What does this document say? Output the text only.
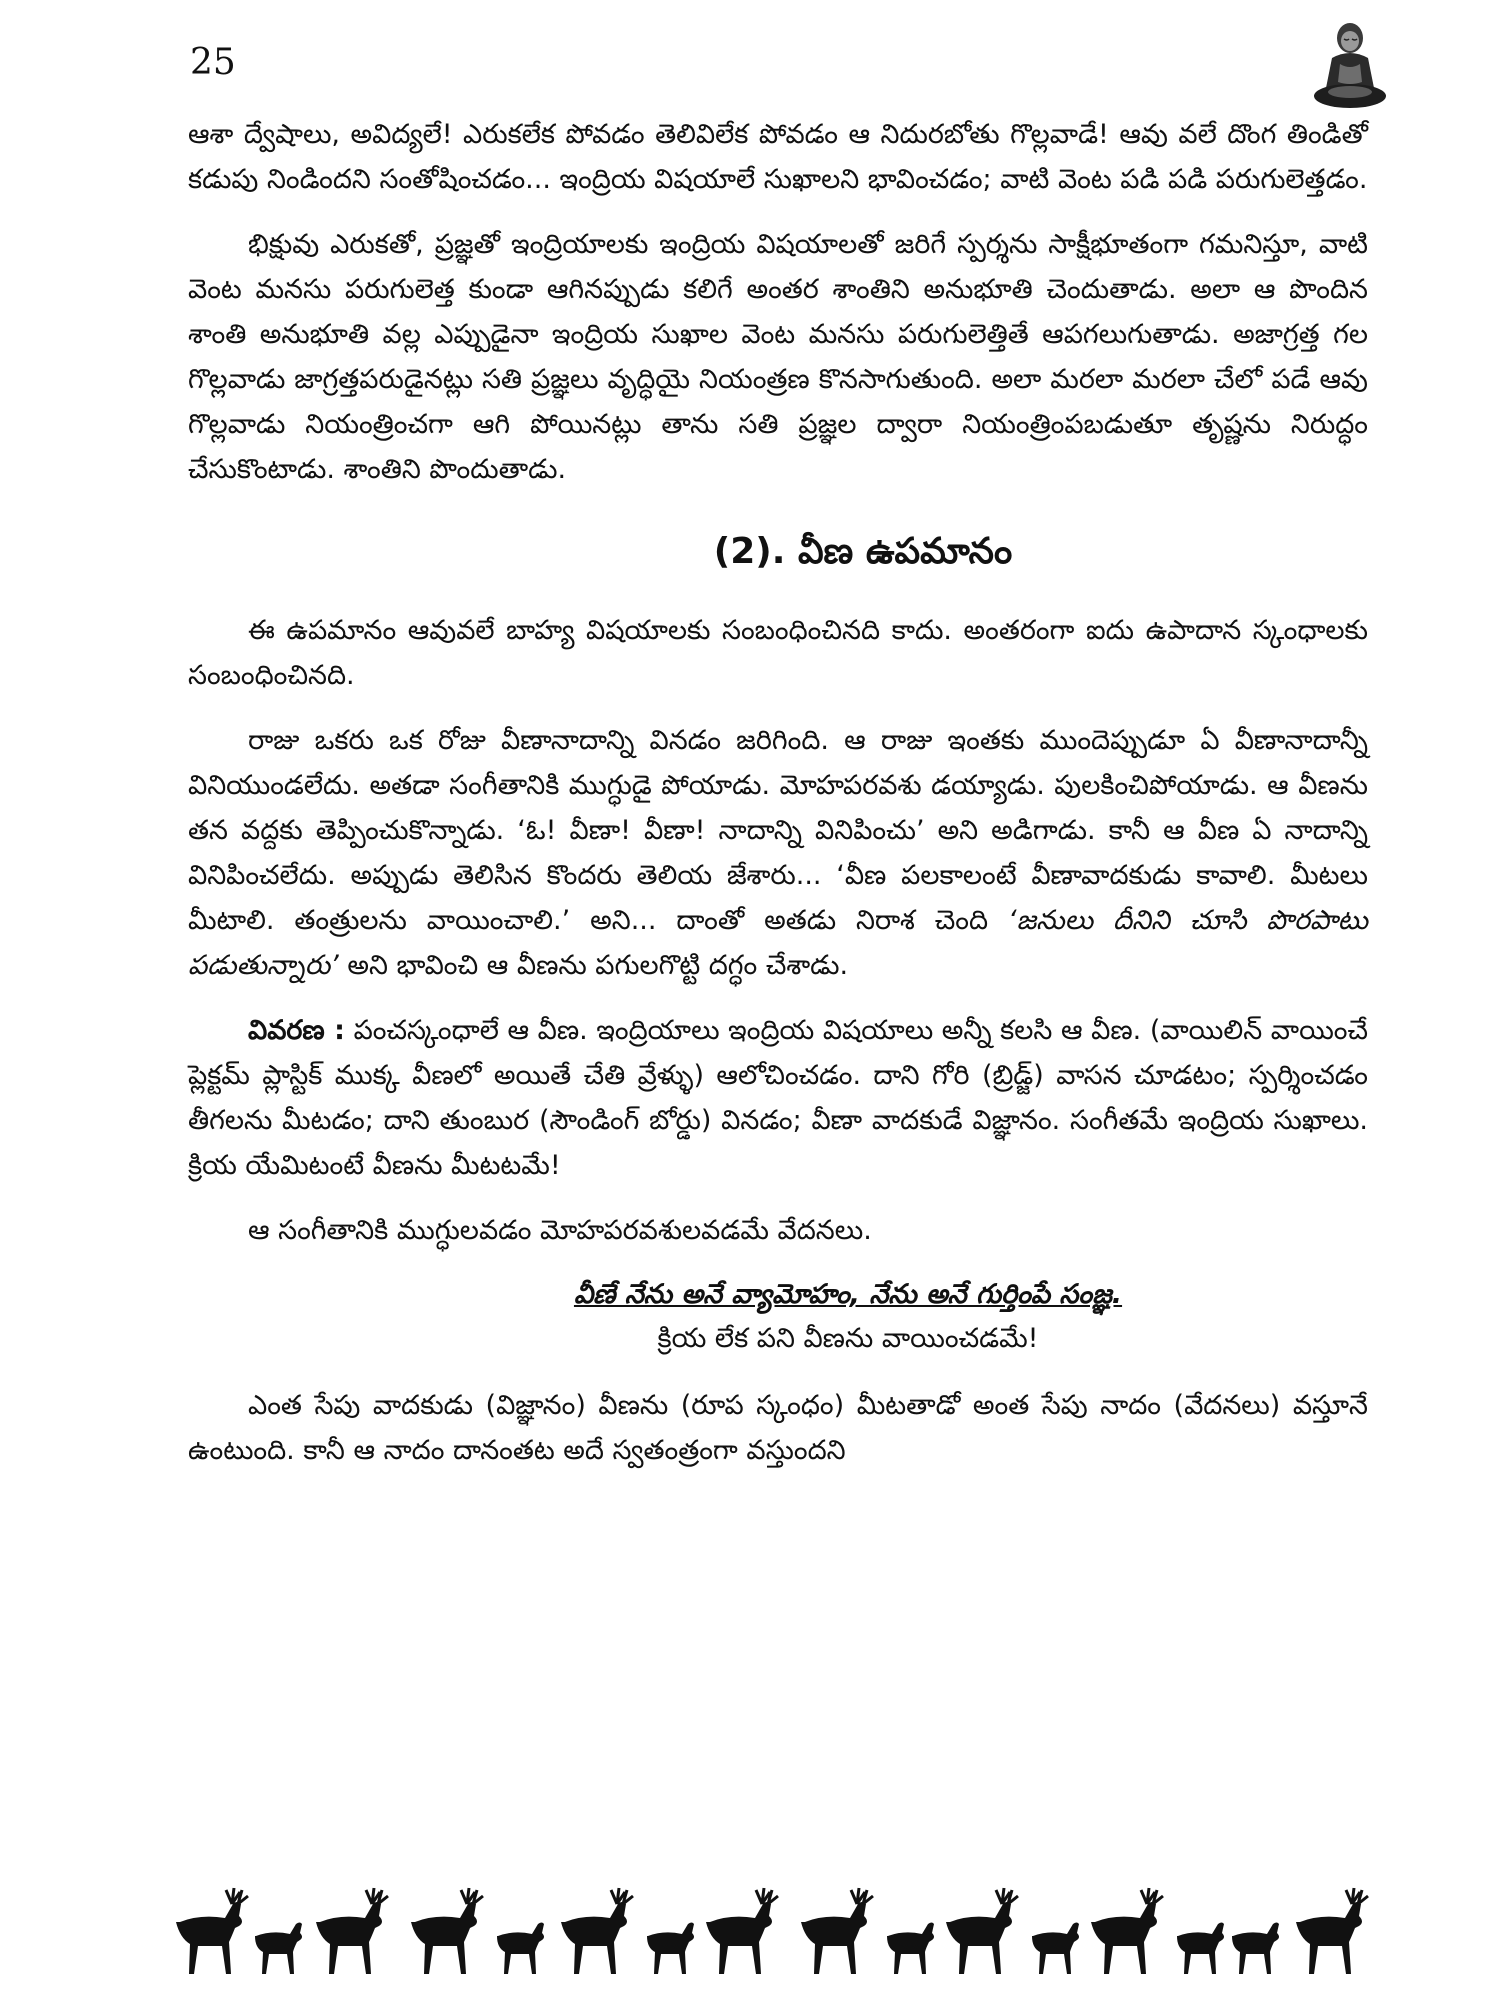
25

ఆశా ద్వేషాలు, అవిద్యలే! ఎరుకలేక పోవడం తెలివిలేక పోవడం ఆ నిదురబోతు గొల్లవాడే! ఆవు వలే దొంగ తిండితో కడుపు నిండిందని సంతోషించడం... ఇంద్రియ విషయాలే సుఖాలని భావించడం; వాటి వెంట పడి పడి పరుగులెత్తడం.

భిక్షువు ఎరుకతో, ప్రజ్ఞతో ఇంద్రియాలకు ఇంద్రియ విషయాలతో జరిగే స్పర్శను సాక్షీభూతంగా గమనిస్తూ, వాటి వెంట మనసు పరుగులెత్త కుండా ఆగినప్పుడు కలిగే అంతర శాంతిని అనుభూతి చెందుతాడు. అలా ఆ పొందిన శాంతి అనుభూతి వల్ల ఎప్పుడైనా ఇంద్రియ సుఖాల వెంట మనసు పరుగులెత్తితే ఆపగలుగుతాడు. అజాగ్రత్త గల గొల్లవాడు జాగ్రత్తపరుడైనట్లు సతి ప్రజ్ఞలు వృద్ధియై నియంత్రణ కొనసాగుతుంది. అలా మరలా మరలా చేలో పడే ఆవు గొల్లవాడు నియంత్రించగా ఆగి పోయినట్లు తాను సతి ప్రజ్ఞల ద్వారా నియంత్రింపబడుతూ తృష్ణను నిరుద్ధం చేసుకొంటాడు. శాంతిని పొందుతాడు.

(2). వీణ ఉపమానం

ఈ ఉపమానం ఆవువలే బాహ్య విషయాలకు సంబంధించినది కాదు. అంతరంగా ఐదు ఉపాదాన స్కంధాలకు సంబంధించినది.

రాజు ఒకరు ఒక రోజు వీణానాదాన్ని వినడం జరిగింది. ఆ రాజు ఇంతకు ముందెప్పుడూ ఏ వీణానాదాన్నీ వినియుండలేదు. అతడా సంగీతానికి ముగ్ధుడై పోయాడు. మోహపరవశు డయ్యాడు. పులకించిపోయాడు. ఆ వీణను తన వద్దకు తెప్పించుకొన్నాడు. ‘ఓ! వీణా! వీణా! నాదాన్ని వినిపించు’ అని అడిగాడు. కానీ ఆ వీణ ఏ నాదాన్ని వినిపించలేదు. అప్పుడు తెలిసిన కొందరు తెలియ జేశారు... ‘వీణ పలకాలంటే వీణావాదకుడు కావాలి. మీటలు మీటాలి. తంత్రులను వాయించాలి.’ అని... దాంతో అతడు నిరాశ చెంది ‘జనులు దీనిని చూసి పొరపాటు పడుతున్నారు’ అని భావించి ఆ వీణను పగులగొట్టి దగ్ధం చేశాడు.

వివరణ : పంచస్కంధాలే ఆ వీణ. ఇంద్రియాలు ఇంద్రియ విషయాలు అన్నీ కలసి ఆ వీణ. (వాయిలిన్ వాయించే ప్లెక్టమ్ ప్లాస్టిక్ ముక్క వీణలో అయితే చేతి వ్రేళ్ళు) ఆలోచించడం. దాని గోరి (బ్రిడ్జ్) వాసన చూడటం; స్పర్శించడం తీగలను మీటడం; దాని తుంబుర (సౌండింగ్ బోర్డు) వినడం; వీణా వాదకుడే విజ్ఞానం. సంగీతమే ఇంద్రియ సుఖాలు. క్రియ యేమిటంటే వీణను మీటటమే!

ఆ సంగీతానికి ముగ్ధులవడం మోహపరవశులవడమే వేదనలు.

వీణే నేను అనే వ్యామోహం, నేను అనే గుర్తింపే సంజ్ఞ.
క్రియ లేక పని వీణను వాయించడమే!

ఎంత సేపు వాదకుడు (విజ్ఞానం) వీణను (రూప స్కంధం) మీటతాడో అంత సేపు నాదం (వేదనలు) వస్తూనే ఉంటుంది. కానీ ఆ నాదం దానంతట అదే స్వతంత్రంగా వస్తుందని
